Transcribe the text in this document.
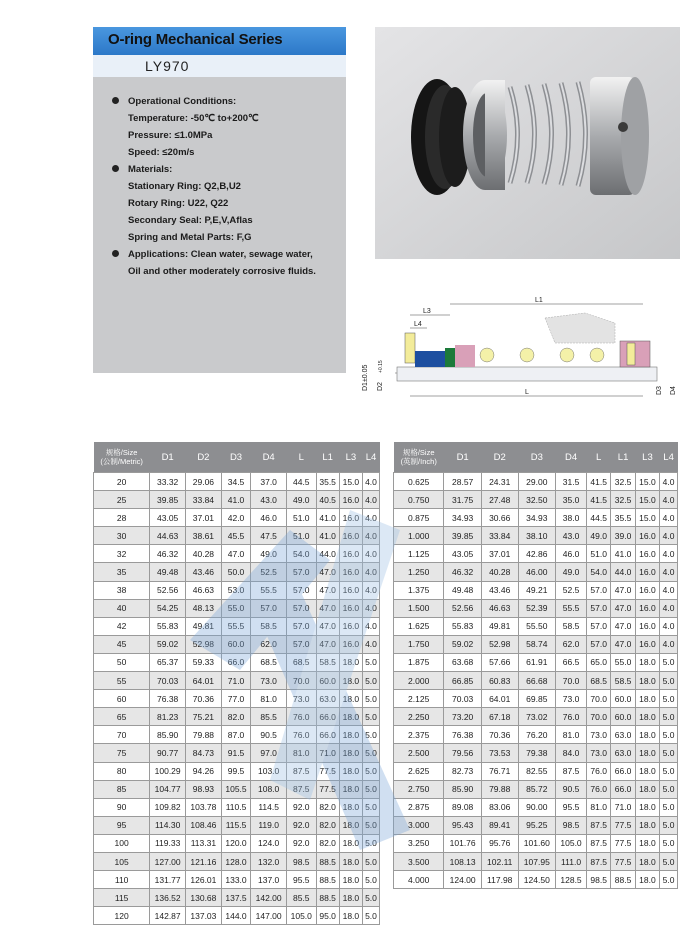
O-ring Mechanical Series
LY970
Operational Conditions:
Temperature: -50℃ to+200℃
Pressure: ≤1.0MPa
Speed: ≤20m/s
Materials:
Stationary Ring: Q2,B,U2
Rotary Ring: U22, Q22
Secondary Seal: P,E,V,Aflas
Spring and Metal Parts: F,G
Applications: Clean water, sewage water,
Oil and other moderately corrosive fluids.
L1
L3
L4
L
D1±0.05 D2
+0.15
D3 D4
规格/Size
(公制/Metric)	D1	D2	D3	D4	L	L1	L3	L4
20	33.32	29.06	34.5	37.0	44.5	35.5	15.0	4.0
25	39.85	33.84	41.0	43.0	49.0	40.5	16.0	4.0
28	43.05	37.01	42.0	46.0	51.0	41.0	16.0	4.0
30	44.63	38.61	45.5	47.5	51.0	41.0	16.0	4.0
32	46.32	40.28	47.0	49.0	54.0	44.0	16.0	4.0
35	49.48	43.46	50.0	52.5	57.0	47.0	16.0	4.0
38	52.56	46.63	53.0	55.5	57.0	47.0	16.0	4.0
40	54.25	48.13	55.0	57.0	57.0	47.0	16.0	4.0
42	55.83	49.81	55.5	58.5	57.0	47.0	16.0	4.0
45	59.02	52.98	60.0	62.0	57.0	47.0	16.0	4.0
50	65.37	59.33	66.0	68.5	68.5	58.5	18.0	5.0
55	70.03	64.01	71.0	73.0	70.0	60.0	18.0	5.0
60	76.38	70.36	77.0	81.0	73.0	63.0	18.0	5.0
65	81.23	75.21	82.0	85.5	76.0	66.0	18.0	5.0
70	85.90	79.88	87.0	90.5	76.0	66.0	18.0	5.0
75	90.77	84.73	91.5	97.0	81.0	71.0	18.0	5.0
80	100.29	94.26	99.5	103.0	87.5	77.5	18.0	5.0
85	104.77	98.93	105.5	108.0	87.5	77.5	18.0	5.0
90	109.82	103.78	110.5	114.5	92.0	82.0	18.0	5.0
95	114.30	108.46	115.5	119.0	92.0	82.0	18.0	5.0
100	119.33	113.31	120.0	124.0	92.0	82.0	18.0	5.0
105	127.00	121.16	128.0	132.0	98.5	88.5	18.0	5.0
110	131.77	126.01	133.0	137.0	95.5	88.5	18.0	5.0
115	136.52	130.68	137.5	142.00	85.5	88.5	18.0	5.0
120	142.87	137.03	144.0	147.00	105.0	95.0	18.0	5.0
规格/Size
(英制/Inch)	D1	D2	D3	D4	L	L1	L3	L4
0.625	28.57	24.31	29.00	31.5	41.5	32.5	15.0	4.0
0.750	31.75	27.48	32.50	35.0	41.5	32.5	15.0	4.0
0.875	34.93	30.66	34.93	38.0	44.5	35.5	15.0	4.0
1.000	39.85	33.84	38.10	43.0	49.0	39.0	16.0	4.0
1.125	43.05	37.01	42.86	46.0	51.0	41.0	16.0	4.0
1.250	46.32	40.28	46.00	49.0	54.0	44.0	16.0	4.0
1.375	49.48	43.46	49.21	52.5	57.0	47.0	16.0	4.0
1.500	52.56	46.63	52.39	55.5	57.0	47.0	16.0	4.0
1.625	55.83	49.81	55.50	58.5	57.0	47.0	16.0	4.0
1.750	59.02	52.98	58.74	62.0	57.0	47.0	16.0	4.0
1.875	63.68	57.66	61.91	66.5	65.0	55.0	18.0	5.0
2.000	66.85	60.83	66.68	70.0	68.5	58.5	18.0	5.0
2.125	70.03	64.01	69.85	73.0	70.0	60.0	18.0	5.0
2.250	73.20	67.18	73.02	76.0	70.0	60.0	18.0	5.0
2.375	76.38	70.36	76.20	81.0	73.0	63.0	18.0	5.0
2.500	79.56	73.53	79.38	84.0	73.0	63.0	18.0	5.0
2.625	82.73	76.71	82.55	87.5	76.0	66.0	18.0	5.0
2.750	85.90	79.88	85.72	90.5	76.0	66.0	18.0	5.0
2.875	89.08	83.06	90.00	95.5	81.0	71.0	18.0	5.0
3.000	95.43	89.41	95.25	98.5	87.5	77.5	18.0	5.0
3.250	101.76	95.76	101.60	105.0	87.5	77.5	18.0	5.0
3.500	108.13	102.11	107.95	111.0	87.5	77.5	18.0	5.0
4.000	124.00	117.98	124.50	128.5	98.5	88.5	18.0	5.0
